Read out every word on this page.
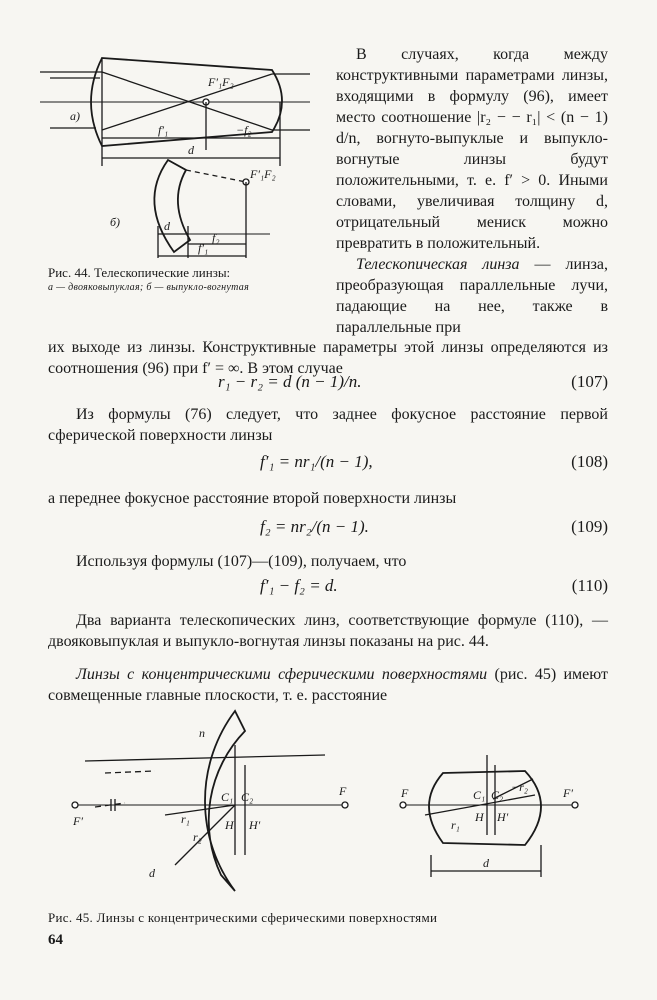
а)
F′₁F₂
f′₁	−f₂
d
б)
F′₁F₂
d
f₂
f′₁
Рис. 44. Телескопические линзы:
а — двояковыпуклая; б — выпукло-вогнутая

В случаях, когда между конструктивными параметрами линзы, входящими в формулу (96), имеет место соотношение |r₂ − − r₁| < (n − 1) d/n, вогнуто-выпуклые и выпукло-вогнутые линзы будут положительными, т. е. f′ > 0. Иными словами, увеличивая толщину d, отрицательный мениск можно превратить в положительный.

Телескопическая линза — линза, преобразующая параллельные лучи, падающие на нее, также в параллельные при

их выходе из линзы. Конструктивные параметры этой линзы определяются из соотношения (96) при f′ = ∞. В этом случае

r₁ − r₂ = d (n − 1)/n.	(107)

Из формулы (76) следует, что заднее фокусное расстояние первой сферической поверхности линзы

f′₁ = nr₁/(n − 1),	(108)

а переднее фокусное расстояние второй поверхности линзы

f₂ = nr₂/(n − 1).	(109)

Используя формулы (107)—(109), получаем, что

f′₁ − f₂ = d.	(110)

Два варианта телескопических линз, соответствующие формуле (110), — двояковыпуклая и выпукло-вогнутая линзы показаны на рис. 44.

Линзы с концентрическими сферическими поверхностями (рис. 45) имеют совмещенные главные плоскости, т. е. расстояние

n
C₁ C₂	F
F′	r₁
r₂
H H′
d
F	F′
C₁ C₂
−r₂
r₁
H H′
d
Рис. 45. Линзы с концентрическими сферическими поверхностями
64
